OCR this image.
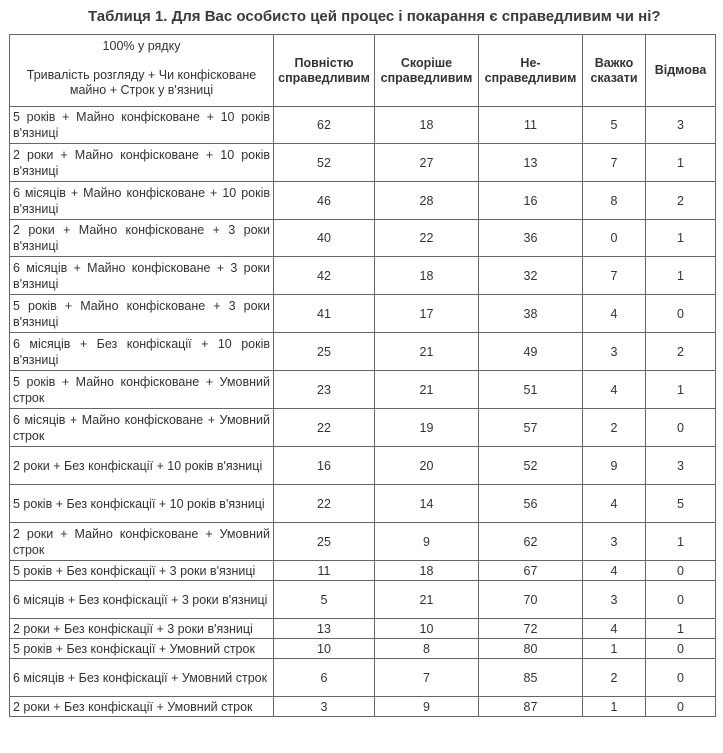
Таблиця 1. Для Вас особисто цей процес і покарання є справедливим чи ні?
100% у рядку
Тривалість розгляду + Чи конфісковане майно + Строк у в'язниці	Повністю справедливим	Скоріше справедливим	Не-справедливим	Важко сказати	Відмова
5 років + Майно конфісковане + 10 років в'язниці	62	18	11	5	3
2 роки + Майно конфісковане + 10 років в'язниці	52	27	13	7	1
6 місяців + Майно конфісковане + 10 років в'язниці	46	28	16	8	2
2 роки + Майно конфісковане + 3 роки в'язниці	40	22	36	0	1
6 місяців + Майно конфісковане + 3 роки в'язниці	42	18	32	7	1
5 років + Майно конфісковане + 3 роки в'язниці	41	17	38	4	0
6 місяців + Без конфіскації + 10 років в'язниці	25	21	49	3	2
5 років + Майно конфісковане + Умовний строк	23	21	51	4	1
6 місяців + Майно конфісковане + Умовний строк	22	19	57	2	0
2 роки + Без конфіскації + 10 років в'язниці	16	20	52	9	3
5 років + Без конфіскації + 10 років в'язниці	22	14	56	4	5
2 роки + Майно конфісковане + Умовний строк	25	9	62	3	1
5 років + Без конфіскації + 3 роки в'язниці	11	18	67	4	0
6 місяців + Без конфіскації + 3 роки в'язниці	5	21	70	3	0
2 роки + Без конфіскації + 3 роки в'язниці	13	10	72	4	1
5 років + Без конфіскації + Умовний строк	10	8	80	1	0
6 місяців + Без конфіскації + Умовний строк	6	7	85	2	0
2 роки + Без конфіскації + Умовний строк	3	9	87	1	0
